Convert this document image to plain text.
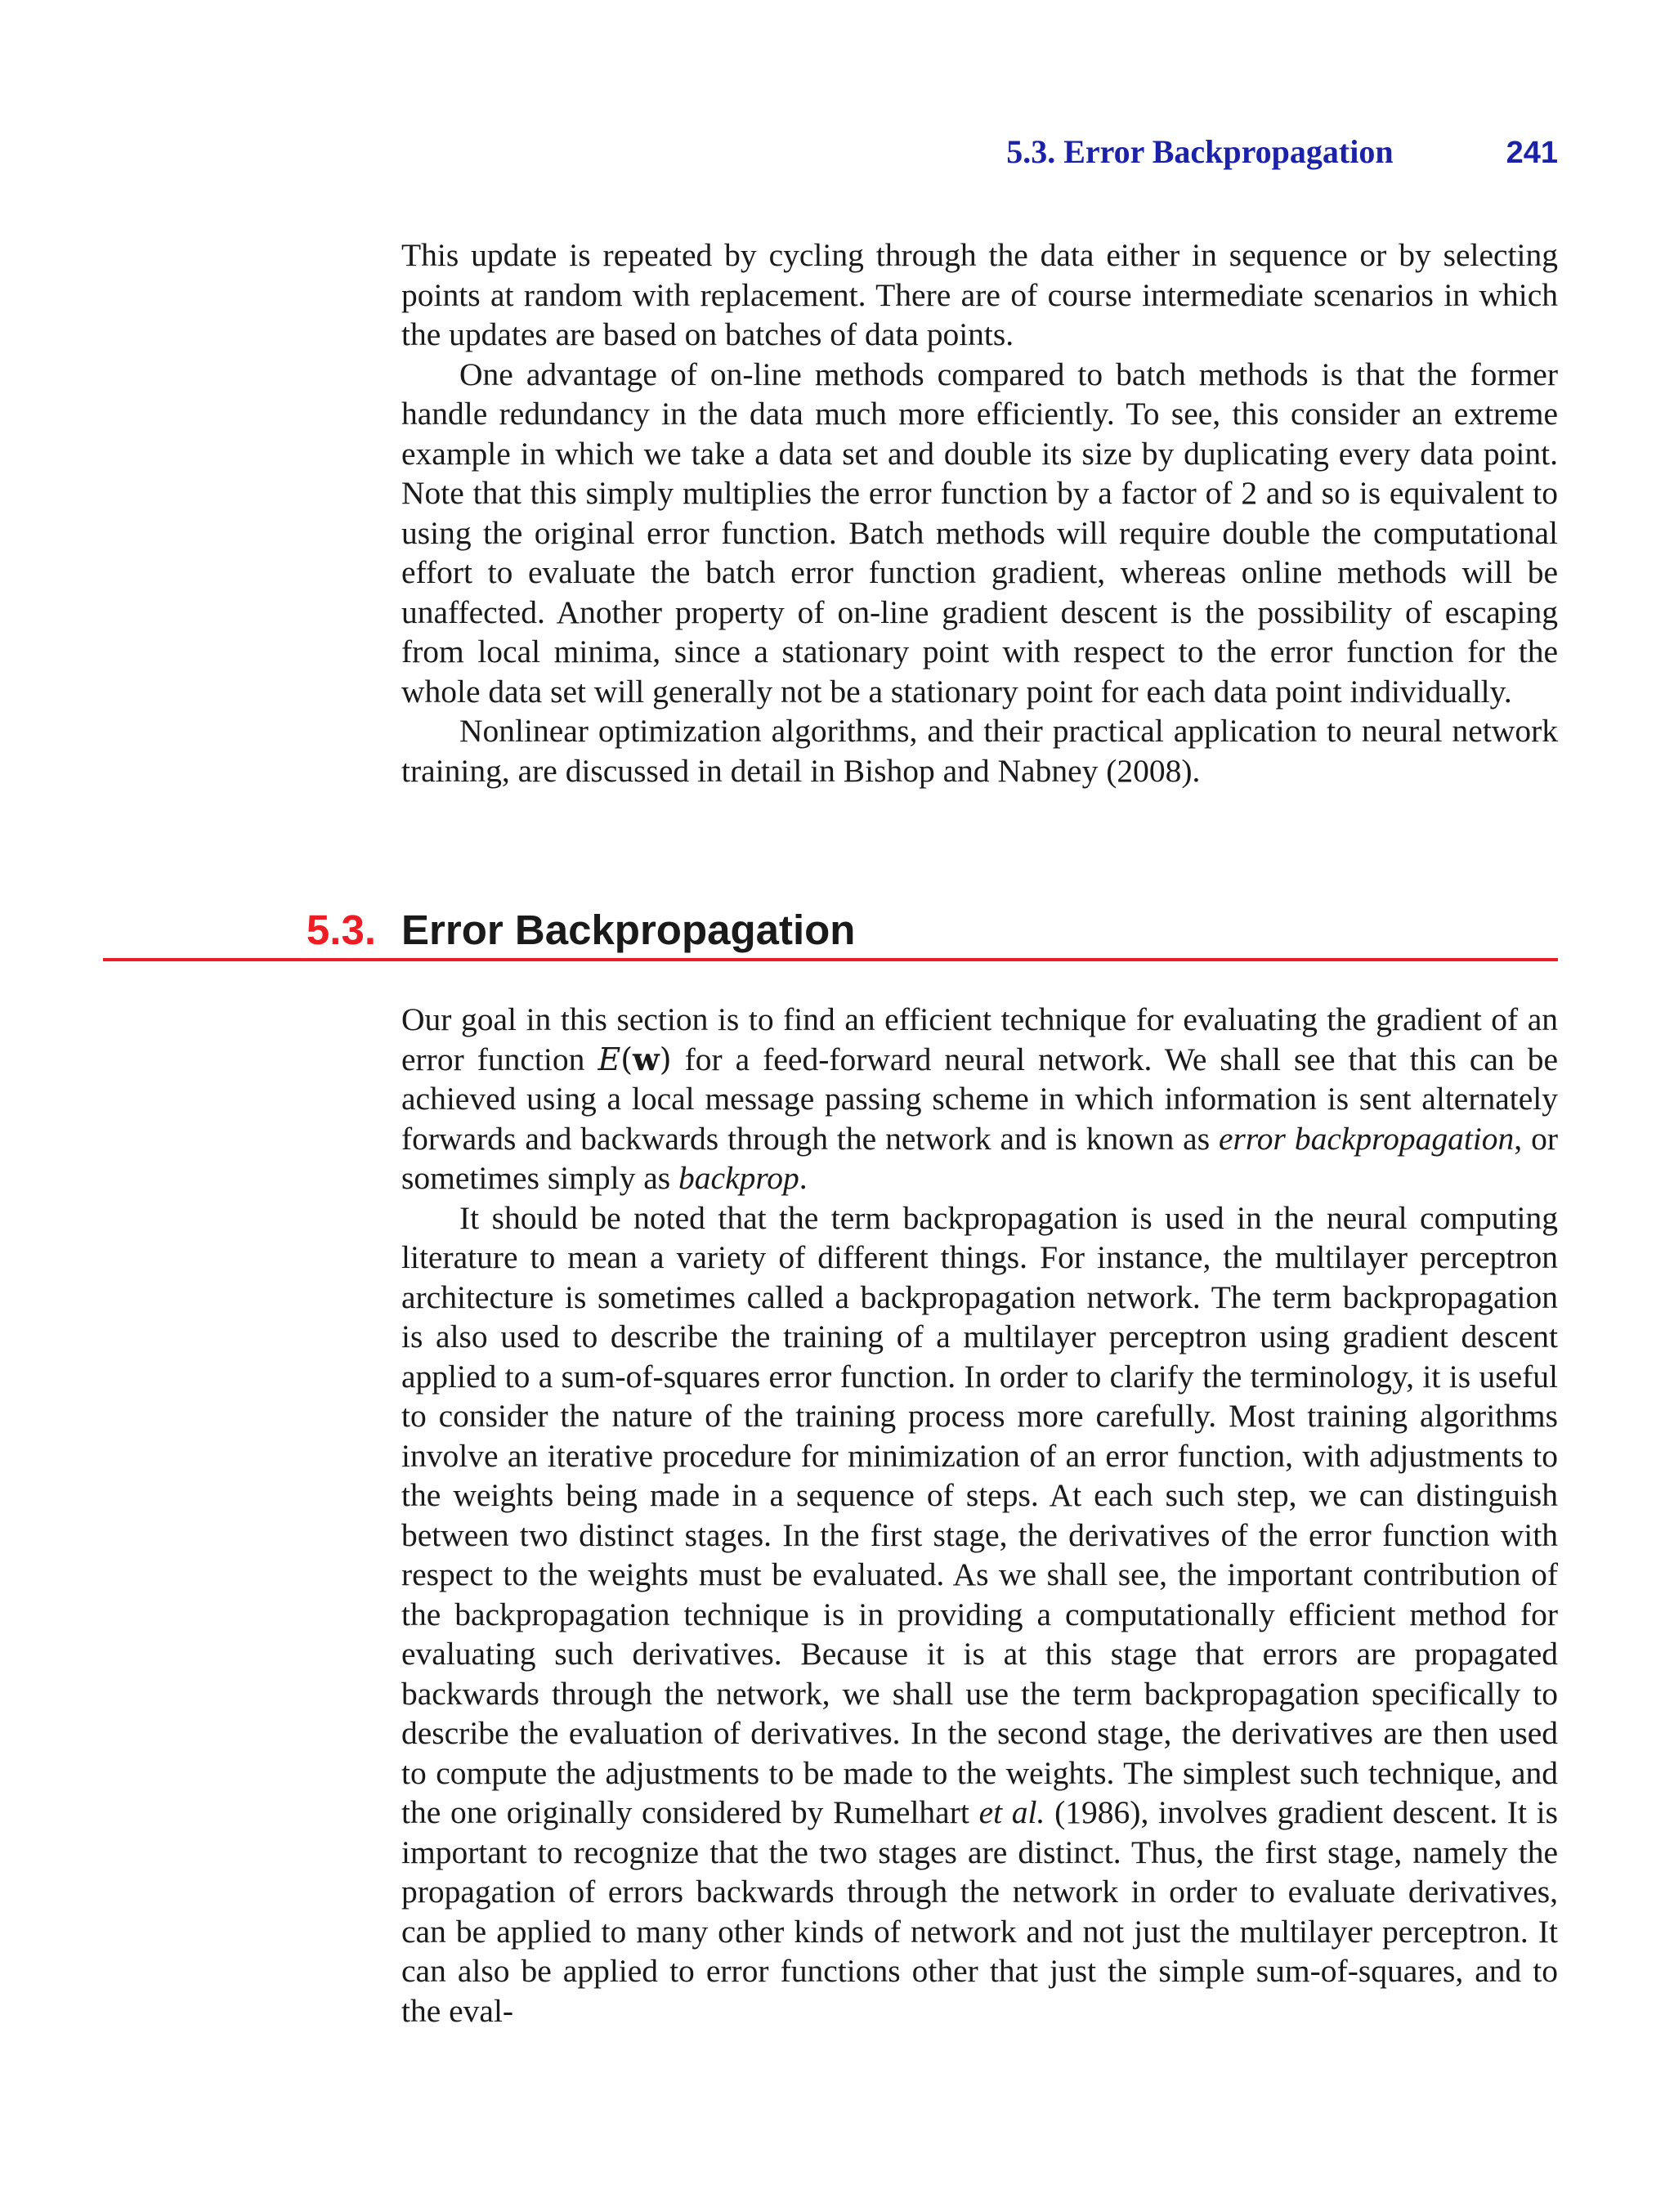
5.3. Error Backpropagation	241

This update is repeated by cycling through the data either in sequence or by selecting points at random with replacement. There are of course intermediate scenarios in which the updates are based on batches of data points.

One advantage of on-line methods compared to batch methods is that the former handle redundancy in the data much more efficiently. To see, this consider an extreme example in which we take a data set and double its size by duplicating every data point. Note that this simply multiplies the error function by a factor of 2 and so is equivalent to using the original error function. Batch methods will require double the computational effort to evaluate the batch error function gradient, whereas online methods will be unaffected. Another property of on-line gradient descent is the possibility of escaping from local minima, since a stationary point with respect to the error function for the whole data set will generally not be a stationary point for each data point individually.

Nonlinear optimization algorithms, and their practical application to neural network training, are discussed in detail in Bishop and Nabney (2008).

5.3. Error Backpropagation

Our goal in this section is to find an efficient technique for evaluating the gradient of an error function E(w) for a feed-forward neural network. We shall see that this can be achieved using a local message passing scheme in which information is sent alternately forwards and backwards through the network and is known as error backpropagation, or sometimes simply as backprop.

It should be noted that the term backpropagation is used in the neural computing literature to mean a variety of different things. For instance, the multilayer perceptron architecture is sometimes called a backpropagation network. The term backpropagation is also used to describe the training of a multilayer perceptron using gradient descent applied to a sum-of-squares error function. In order to clarify the terminology, it is useful to consider the nature of the training process more carefully. Most training algorithms involve an iterative procedure for minimization of an error function, with adjustments to the weights being made in a sequence of steps. At each such step, we can distinguish between two distinct stages. In the first stage, the derivatives of the error function with respect to the weights must be evaluated. As we shall see, the important contribution of the backpropagation technique is in providing a computationally efficient method for evaluating such derivatives. Because it is at this stage that errors are propagated backwards through the network, we shall use the term backpropagation specifically to describe the evaluation of derivatives. In the second stage, the derivatives are then used to compute the adjustments to be made to the weights. The simplest such technique, and the one originally considered by Rumelhart et al. (1986), involves gradient descent. It is important to recognize that the two stages are distinct. Thus, the first stage, namely the propagation of errors backwards through the network in order to evaluate derivatives, can be applied to many other kinds of network and not just the multilayer perceptron. It can also be applied to error functions other that just the simple sum-of-squares, and to the eval-
